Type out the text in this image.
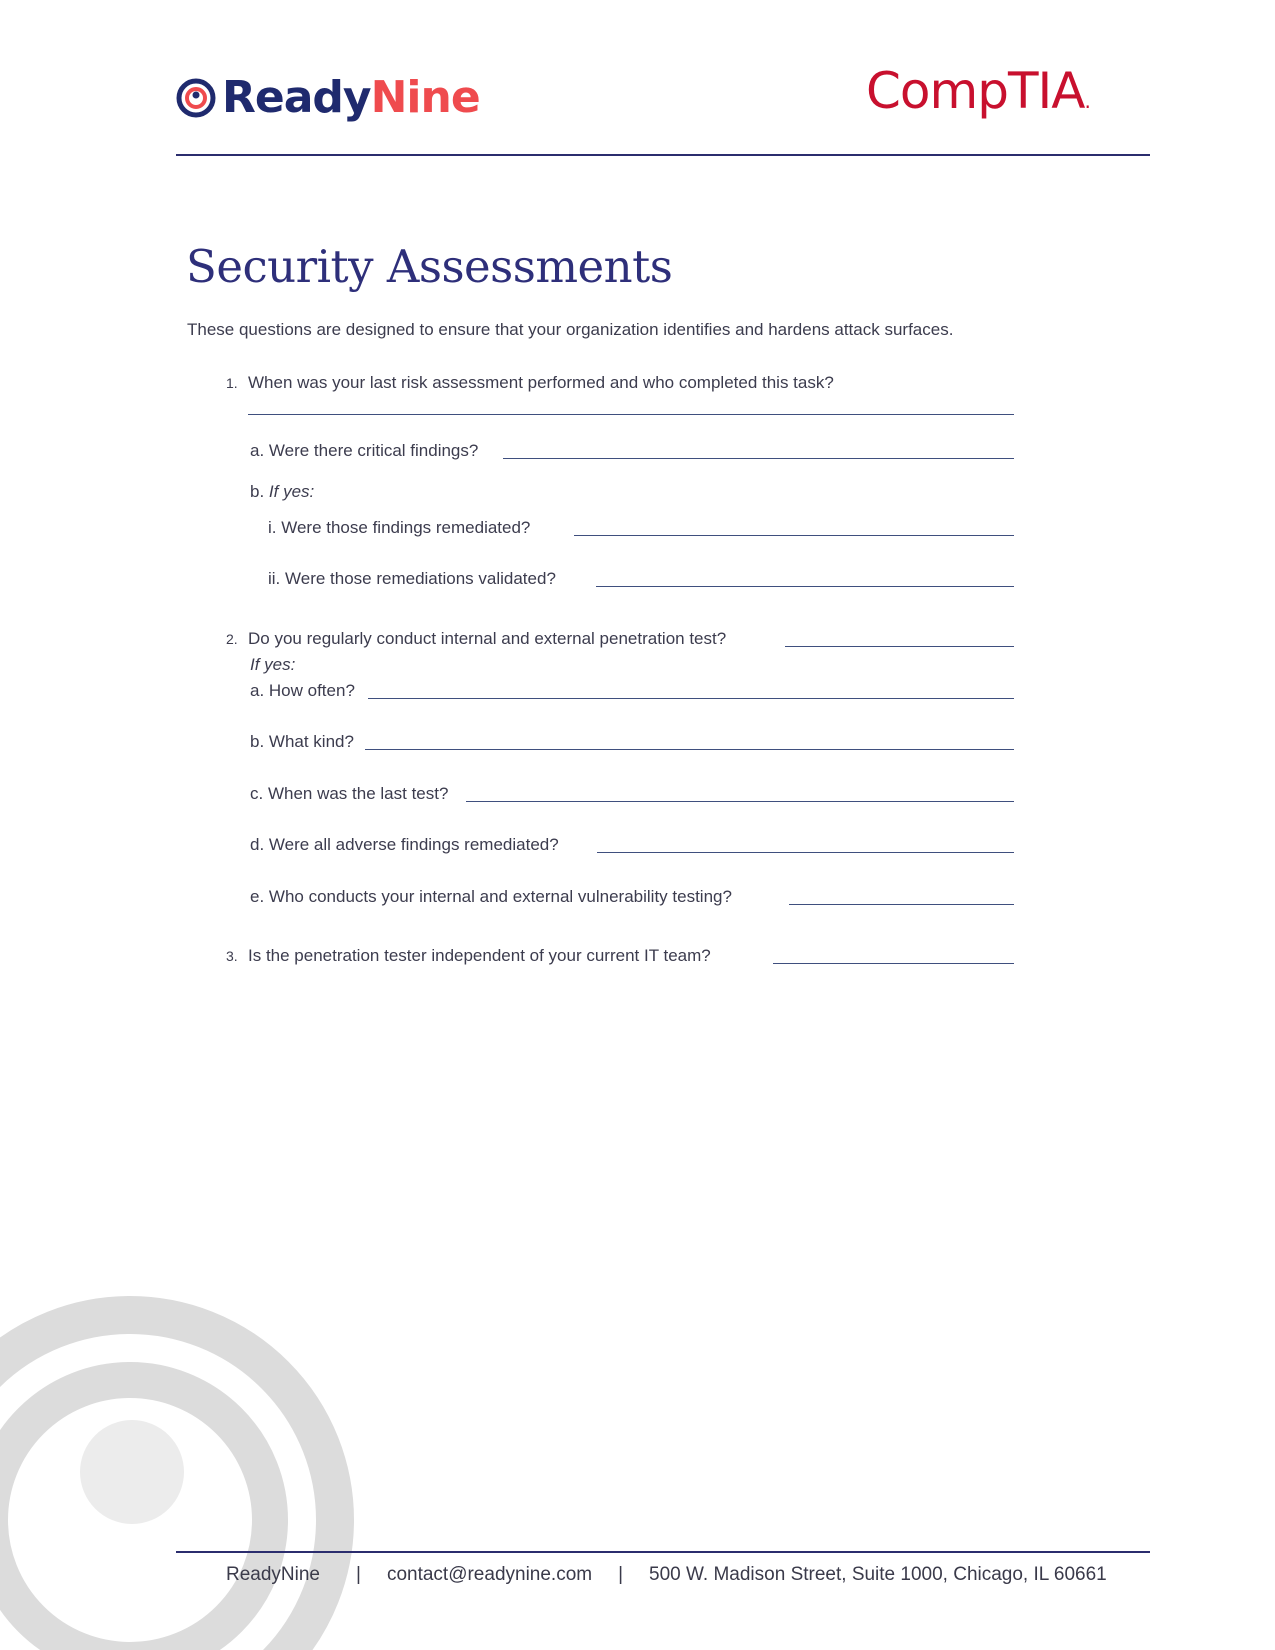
ReadyNine	CompTIA.
Security Assessments
These questions are designed to ensure that your organization identifies and hardens attack surfaces.
1. When was your last risk assessment performed and who completed this task?
a. Were there critical findings?
b. If yes:
i. Were those findings remediated?
ii. Were those remediations validated?
2. Do you regularly conduct internal and external penetration test?
If yes:
a. How often?
b. What kind?
c. When was the last test?
d. Were all adverse findings remediated?
e. Who conducts your internal and external vulnerability testing?
3. Is the penetration tester independent of your current IT team?
ReadyNine | contact@readynine.com | 500 W. Madison Street, Suite 1000, Chicago, IL 60661
